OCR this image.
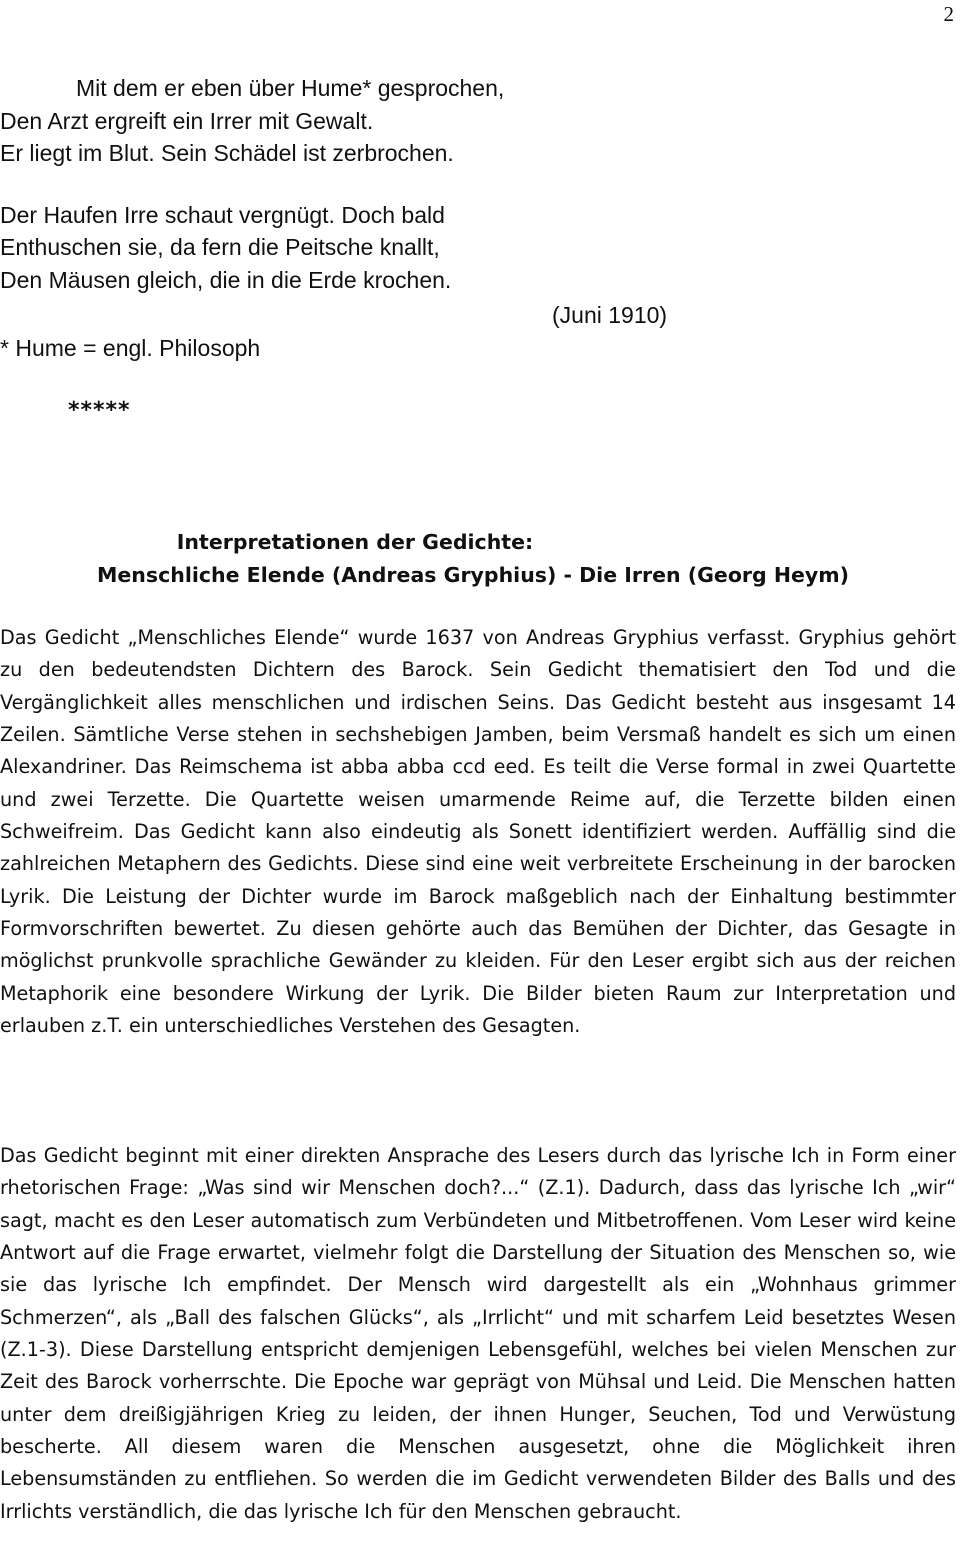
2
Mit dem er eben über Hume* gesprochen,
Den Arzt ergreift ein Irrer mit Gewalt.
Er liegt im Blut. Sein Schädel ist zerbrochen.
Der Haufen Irre schaut vergnügt. Doch bald
Enthuschen sie, da fern die Peitsche knallt,
Den Mäusen gleich, die in die Erde krochen.
(Juni 1910)
* Hume = engl. Philosoph
*****
Interpretationen der Gedichte:
Menschliche Elende (Andreas Gryphius) - Die Irren (Georg Heym)

Das Gedicht „Menschliches Elende“ wurde 1637 von Andreas Gryphius verfasst. Gryphius gehört zu den bedeutendsten Dichtern des Barock. Sein Gedicht thematisiert den Tod und die Vergänglichkeit alles menschlichen und irdischen Seins. Das Gedicht besteht aus insgesamt 14 Zeilen. Sämtliche Verse stehen in sechshebigen Jamben, beim Versmaß handelt es sich um einen Alexandriner. Das Reimschema ist abba abba ccd eed. Es teilt die Verse formal in zwei Quartette und zwei Terzette. Die Quartette weisen umarmende Reime auf, die Terzette bilden einen Schweifreim. Das Gedicht kann also eindeutig als Sonett identifiziert werden. Auffällig sind die zahlreichen Metaphern des Gedichts. Diese sind eine weit verbreitete Erscheinung in der barocken Lyrik. Die Leistung der Dichter wurde im Barock maßgeblich nach der Einhaltung bestimmter Formvorschriften bewertet. Zu diesen gehörte auch das Bemühen der Dichter, das Gesagte in möglichst prunkvolle sprachliche Gewänder zu kleiden. Für den Leser ergibt sich aus der reichen Metaphorik eine besondere Wirkung der Lyrik. Die Bilder bieten Raum zur Interpretation und erlauben z.T. ein unterschiedliches Verstehen des Gesagten.

Das Gedicht beginnt mit einer direkten Ansprache des Lesers durch das lyrische Ich in Form einer rhetorischen Frage: „Was sind wir Menschen doch?...“ (Z.1). Dadurch, dass das lyrische Ich „wir“ sagt, macht es den Leser automatisch zum Verbündeten und Mitbetroffenen. Vom Leser wird keine Antwort auf die Frage erwartet, vielmehr folgt die Darstellung der Situation des Menschen so, wie sie das lyrische Ich empfindet. Der Mensch wird dargestellt als ein „Wohnhaus grimmer Schmerzen“, als „Ball des falschen Glücks“, als „Irrlicht“ und mit scharfem Leid besetztes Wesen (Z.1-3). Diese Darstellung entspricht demjenigen Lebensgefühl, welches bei vielen Menschen zur Zeit des Barock vorherrschte. Die Epoche war geprägt von Mühsal und Leid. Die Menschen hatten unter dem dreißigjährigen Krieg zu leiden, der ihnen Hunger, Seuchen, Tod und Verwüstung bescherte. All diesem waren die Menschen ausgesetzt, ohne die Möglichkeit ihren Lebensumständen zu entfliehen. So werden die im Gedicht verwendeten Bilder des Balls und des Irrlichts verständlich, die das lyrische Ich für den Menschen gebraucht.
